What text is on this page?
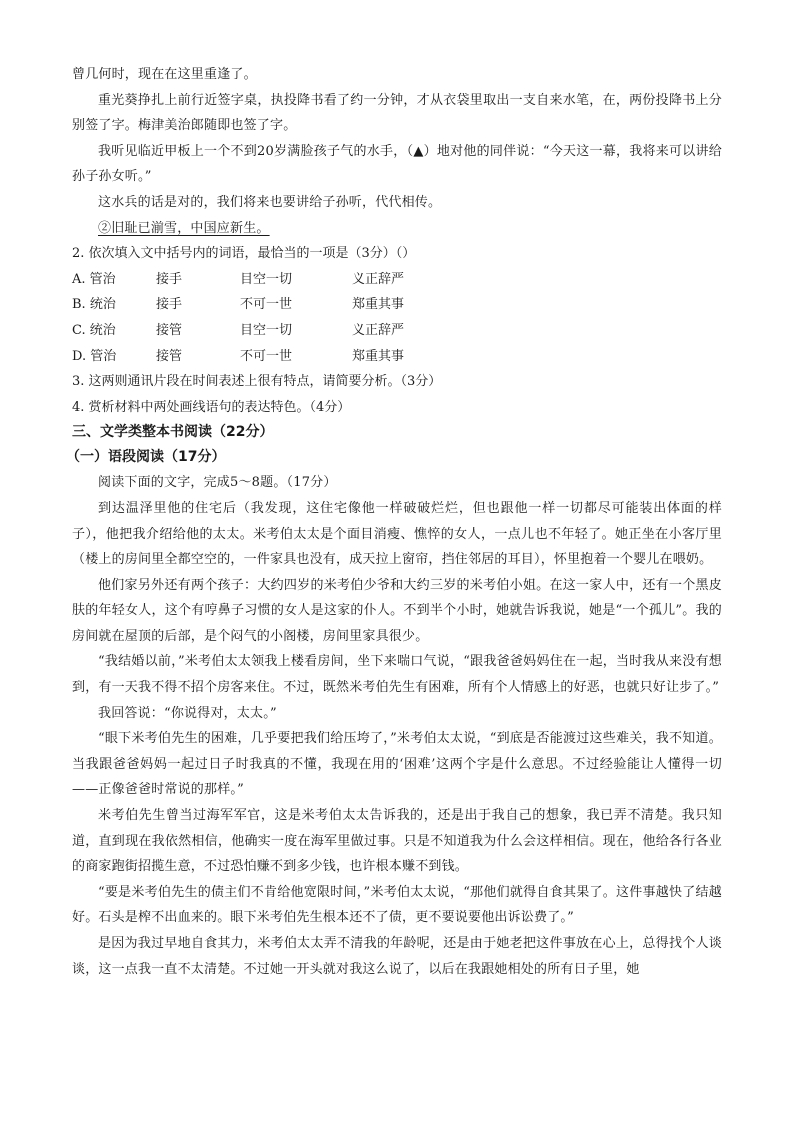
曾几何时，现在在这里重逢了。

重光葵挣扎上前行近签字桌，执投降书看了约一分钟，才从衣袋里取出一支自来水笔，在，两份投降书上分别签了字。梅津美治郎随即也签了字。

我听见临近甲板上一个不到20岁满脸孩子气的水手，（▲）地对他的同伴说：“今天这一幕，我将来可以讲给孙子孙女听。”

这水兵的话是对的，我们将来也要讲给子孙听，代代相传。

②旧耻已湔雪，中国应新生。

2. 依次填入文中括号内的词语，最恰当的一项是（3分）（）

A. 管治	接手	目空一切	义正辞严
B. 统治	接手	不可一世	郑重其事
C. 统治	接管	目空一切	义正辞严
D. 管治	接管	不可一世	郑重其事

3. 这两则通讯片段在时间表述上很有特点，请简要分析。（3分）

4. 赏析材料中两处画线语句的表达特色。（4分）

三、文学类整本书阅读（22分）

（一）语段阅读（17分）

阅读下面的文字，完成5～8题。（17分）

到达温泽里他的住宅后（我发现，这住宅像他一样破破烂烂，但也跟他一样一切都尽可能装出体面的样子），他把我介绍给他的太太。米考伯太太是个面目消瘦、憔悴的女人，一点儿也不年轻了。她正坐在小客厅里（楼上的房间里全都空空的，一件家具也没有，成天拉上窗帘，挡住邻居的耳目），怀里抱着一个婴儿在喂奶。

他们家另外还有两个孩子：大约四岁的米考伯少爷和大约三岁的米考伯小姐。在这一家人中，还有一个黑皮肤的年轻女人，这个有哼鼻子习惯的女人是这家的仆人。不到半个小时，她就告诉我说，她是“一个孤儿”。我的房间就在屋顶的后部，是个闷气的小阁楼，房间里家具很少。

“我结婚以前，”米考伯太太领我上楼看房间，坐下来喘口气说，“跟我爸爸妈妈住在一起，当时我从来没有想到，有一天我不得不招个房客来住。不过，既然米考伯先生有困难，所有个人情感上的好恶，也就只好让步了。”

我回答说：“你说得对，太太。”

“眼下米考伯先生的困难，几乎要把我们给压垮了，”米考伯太太说，“到底是否能渡过这些难关，我不知道。当我跟爸爸妈妈一起过日子时我真的不懂，我现在用的‘困难’这两个字是什么意思。不过经验能让人懂得一切——正像爸爸时常说的那样。”

米考伯先生曾当过海军军官，这是米考伯太太告诉我的，还是出于我自己的想象，我已弄不清楚。我只知道，直到现在我依然相信，他确实一度在海军里做过事。只是不知道我为什么会这样相信。现在，他给各行各业的商家跑街招揽生意，不过恐怕赚不到多少钱，也许根本赚不到钱。

“要是米考伯先生的债主们不肯给他宽限时间，”米考伯太太说，“那他们就得自食其果了。这件事越快了结越好。石头是榨不出血来的。眼下米考伯先生根本还不了债，更不要说要他出诉讼费了。”

是因为我过早地自食其力，米考伯太太弄不清我的年龄呢，还是由于她老把这件事放在心上，总得找个人谈谈，这一点我一直不太清楚。不过她一开头就对我这么说了，以后在我跟她相处的所有日子里，她
